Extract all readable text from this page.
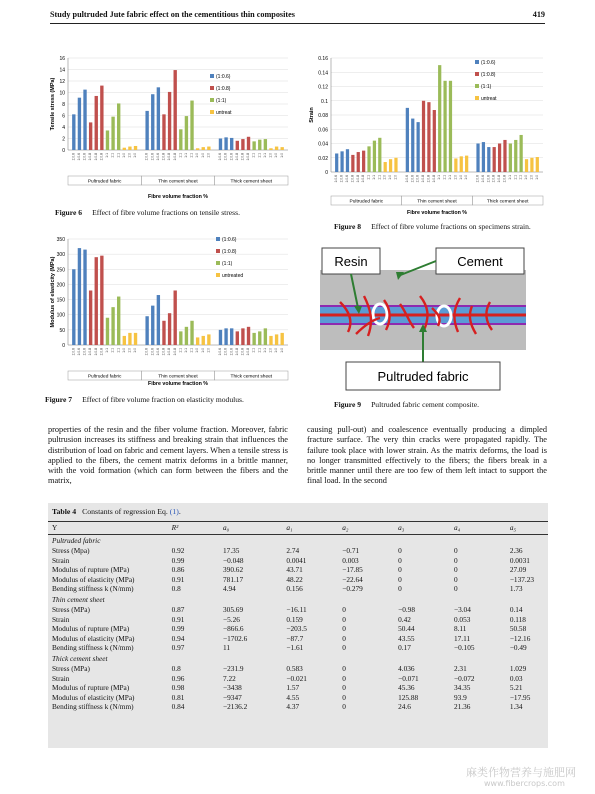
Study pultruded Jute fabric effect on the cementitious thin composites	419
0
2
4
6
8
10
12
14
16
Tensile stress (MPa)
1:0.6 1:0.6 1:0.6 1:0.8 1:0.8 1:0.8 1:1 1:1 1:1 1:0 1:0 1:0
Pultruded fabric
1:0.6 1:0.6 1:0.6 1:0.8 1:0.8 1:0.8 1:1 1:1 1:1 1:0 1:0 1:0
Thin cement sheet
1:0.6 1:0.6 1:0.6 1:0.8 1:0.8 1:0.8 1:1 1:1 1:1 1:0 1:0 1:0
Thick cement sheet
(1:0.6)
(1:0.8)
(1:1)
untreat
Fibre volume fraction %
Figure 6 Effect of fibre volume fractions on tensile stress.
0
50
100
150
200
250
300
350
Modulus of elasticity (MPa)
1:0.6 1:0.6 1:0.6 1:0.8 1:0.8 1:0.8 1:1 1:1 1:1 1:0 1:0 1:0
Pultruded fabric
1:0.6 1:0.6 1:0.6 1:0.8 1:0.8 1:0.8 1:1 1:1 1:1 1:0 1:0 1:0
Thin cement sheet
1:0.6 1:0.6 1:0.6 1:0.8 1:0.8 1:0.8 1:1 1:1 1:1 1:0 1:0 1:0
Thick cement sheet
(1:0.6)
(1:0.8)
(1:1)
untreated
Fibre volume fraction %
Figure 7 Effect of fibre volume fraction on elasticity modulus.
0
0.02
0.04
0.06
0.08
0.1
0.12
0.14
0.16
Strain
1:0.6 1:0.6 1:0.6 1:0.8 1:0.8 1:0.8 1:1 1:1 1:1 1:0 1:0 1:0
Pultruded fabric
1:0.6 1:0.6 1:0.6 1:0.8 1:0.8 1:0.8 1:1 1:1 1:1 1:0 1:0 1:0
Thin cement sheet
1:0.6 1:0.6 1:0.6 1:0.8 1:0.8 1:0.8 1:1 1:1 1:1 1:0 1:0 1:0
Thick cement sheet
(1:0.6)
(1:0.8)
(1:1)
untreat
Fibre volume fraction %
Figure 8 Effect of fibre volume fractions on specimens strain.
Resin	Cement
Pultruded fabric
Figure 9 Pultruded fabric cement composite.
properties of the resin and the fiber volume fraction. Moreover, fabric pultrusion increases its stiffness and breaking strain that influences the distribution of load on fabric and cement layers. When a tensile stress is applied to the fibers, the cement matrix deforms in a brittle manner, with the void formation (which can form between the fibers and the matrix,
causing pull-out) and coalescence eventually producing a dimpled fracture surface. The very thin cracks were propagated rapidly. The failure took place with lower strain. As the matrix deforms, the load is no longer transmitted effectively to the fibers; the fibers break in a brittle manner until there are too few of them left intact to support the final load. In the second
Table 4 Constants of regression Eq. (1).
Y	R²	a₀	a₁	a₂	a₃	a₄	a₅
Pultruded fabric							
Stress (Mpa)	0.92	17.35	2.74	−0.71	0	0	2.36
Strain	0.99	−0.048	0.0041	0.003	0	0	0.0031
Modulus of rupture (MPa)	0.86	390.62	43.71	−17.85	0	0	27.09
Modulus of elasticity (MPa)	0.91	781.17	48.22	−22.64	0	0	−137.23
Bending stiffness k (N/mm)	0.8	4.94	0.156	−0.279	0	0	1.73
Thin cement sheet							
Stress (MPa)	0.87	305.69	−16.11	0	−0.98	−3.04	0.14
Strain	0.91	−5.26	0.159	0	0.42	0.053	0.118
Modulus of rupture (MPa)	0.99	−866.6	−203.5	0	50.44	8.11	50.58
Modulus of elasticity (MPa)	0.94	−1702.6	−87.7	0	43.55	17.11	−12.16
Bending stiffness k (N/mm)	0.97	11	−1.61	0	0.17	−0.105	−0.49
Thick cement sheet							
Stress (MPa)	0.8	−231.9	0.583	0	4.036	2.31	1.029
Strain	0.96	7.22	−0.021	0	−0.071	−0.072	0.03
Modulus of rupture (MPa)	0.98	−3438	1.57	0	45.36	34.35	5.21
Modulus of elasticity (MPa)	0.81	−9347	4.55	0	125.88	93.9	−17.95
Bending stiffness k (N/mm)	0.84	−2136.2	4.37	0	24.6	21.36	1.34
麻类作物营养与施肥网
www.fibercrops.com
